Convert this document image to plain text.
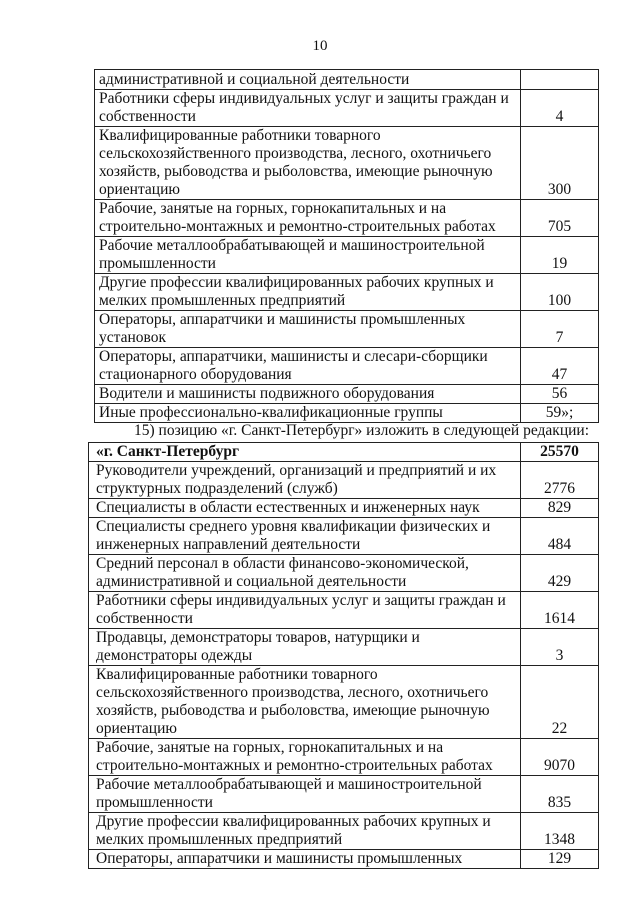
10
административной и социальной деятельности	
Работники сферы индивидуальных услуг и защиты граждан и собственности	4
Квалифицированные работники товарного сельскохозяйственного производства, лесного, охотничьего хозяйств, рыбоводства и рыболовства, имеющие рыночную ориентацию	300
Рабочие, занятые на горных, горнокапитальных и на строительно-монтажных и ремонтно-строительных работах	705
Рабочие металлообрабатывающей и машиностроительной промышленности	19
Другие профессии квалифицированных рабочих крупных и мелких промышленных предприятий	100
Операторы, аппаратчики и машинисты промышленных установок	7
Операторы, аппаратчики, машинисты и слесари-сборщики стационарного оборудования	47
Водители и машинисты подвижного оборудования	56
Иные профессионально-квалификационные группы	59»;
15) позицию «г. Санкт-Петербург» изложить в следующей редакции:
«г. Санкт-Петербург	25570
Руководители учреждений, организаций и предприятий и их структурных подразделений (служб)	2776
Специалисты в области естественных и инженерных наук	829
Специалисты среднего уровня квалификации физических и инженерных направлений деятельности	484
Средний персонал в области финансово-экономической, административной и социальной деятельности	429
Работники сферы индивидуальных услуг и защиты граждан и собственности	1614
Продавцы, демонстраторы товаров, натурщики и демонстраторы одежды	3
Квалифицированные работники товарного сельскохозяйственного производства, лесного, охотничьего хозяйств, рыбоводства и рыболовства, имеющие рыночную ориентацию	22
Рабочие, занятые на горных, горнокапитальных и на строительно-монтажных и ремонтно-строительных работах	9070
Рабочие металлообрабатывающей и машиностроительной промышленности	835
Другие профессии квалифицированных рабочих крупных и мелких промышленных предприятий	1348
Операторы, аппаратчики и машинисты промышленных	129
